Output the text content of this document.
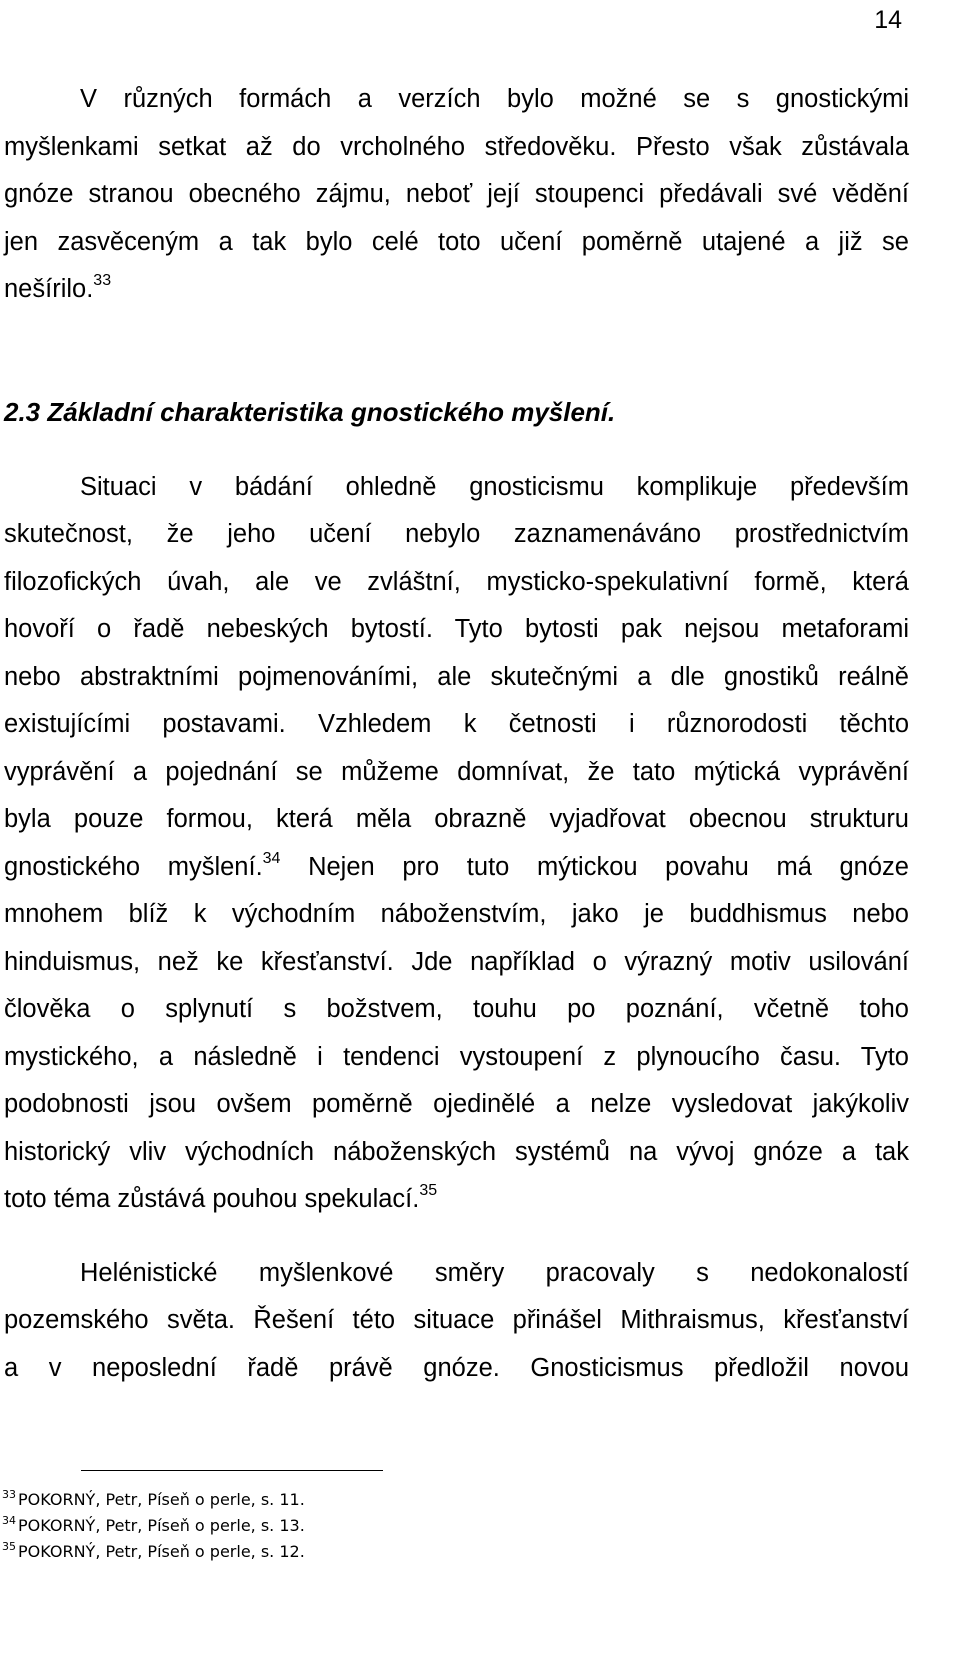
14

V různých formách a verzích bylo možné se s gnostickými
myšlenkami setkat až do vrcholného středověku. Přesto však zůstávala
gnóze stranou obecného zájmu, neboť její stoupenci předávali své vědění
jen zasvěceným a tak bylo celé toto učení poměrně utajené a již se
nešírilo.$^{33}$

2.3 Základní charakteristika gnostického myšlení.

Situaci v bádání ohledně gnosticismu komplikuje především
skutečnost, že jeho učení nebylo zaznamenáváno prostřednictvím
filozofických úvah, ale ve zvláštní, mysticko-spekulativní formě, která
hovoří o řadě nebeských bytostí. Tyto bytosti pak nejsou metaforami
nebo abstraktními pojmenováními, ale skutečnými a dle gnostiků reálně
existujícími postavami. Vzhledem k četnosti i různorodosti těchto
vyprávění a pojednání se můžeme domnívat, že tato mýtická vyprávění
byla pouze formou, která měla obrazně vyjadřovat obecnou strukturu
gnostického myšlení.$^{34}$ Nejen pro tuto mýtickou povahu má gnóze
mnohem blíž k východním náboženstvím, jako je buddhismus nebo
hinduismus, než ke křesťanství. Jde například o výrazný motiv usilování
člověka o splynutí s božstvem, touhu po poznání, včetně toho
mystického, a následně i tendenci vystoupení z plynoucího času. Tyto
podobnosti jsou ovšem poměrně ojedinělé a nelze vysledovat jakýkoliv
historický vliv východních náboženských systémů na vývoj gnóze a tak
toto téma zůstává pouhou spekulací.$^{35}$

Helénistické myšlenkové směry pracovaly s nedokonalostí
pozemského světa. Řešení této situace přinášel Mithraismus, křesťanství
a v neposlední řadě právě gnóze. Gnosticismus předložil novou

$^{33}$ POKORNÝ, Petr, Píseň o perle, s. 11.
$^{34}$ POKORNÝ, Petr, Píseň o perle, s. 13.
$^{35}$ POKORNÝ, Petr, Píseň o perle, s. 12.
